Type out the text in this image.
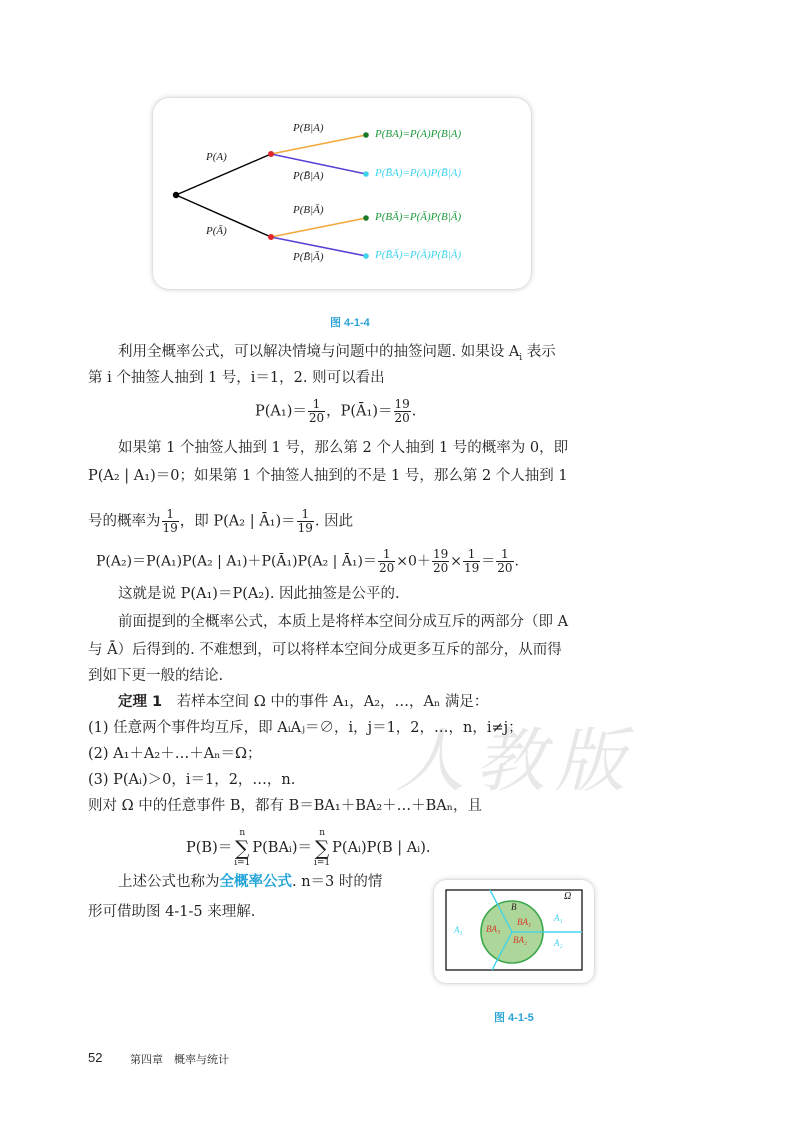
人教版
P(A)
P(Ā)
P(B|A)
P(B̄|A)
P(B|Ā)
P(B̄|Ā)
P(BA)=P(A)P(B|A)
P(B̄A)=P(A)P(B̄|A)
P(BĀ)=P(Ā)P(B|Ā)
P(B̄Ā)=P(Ā)P(B̄|Ā)
图 4-1-4
利用全概率公式，可以解决情境与问题中的抽签问题. 如果设 $A_i$ 表示
第 i 个抽签人抽到 1 号，i＝1，2. 则可以看出
$P(A_1)= \frac{1}{20}$ ，P(Ā₁)＝ $\frac{19}{20}$ .
如果第 1 个抽签人抽到 1 号，那么第 2 个人抽到 1 号的概率为 0，即
P(A₂ | A₁)＝0；如果第 1 个抽签人抽到的不是 1 号，那么第 2 个人抽到 1
号的概率为 $\frac{1}{19}$ ，即 P(A₂ | Ā₁)＝ $\frac{1}{19}$ . 因此
P(A₂)＝P(A₁)P(A₂ | A₁)＋P(Ā₁)P(A₂ | Ā₁)＝ $\frac{1}{20} \times 0+ \frac{19}{20} \times \frac{1}{19} = \frac{1}{20}$ .
这就是说 P(A₁)＝P(A₂). 因此抽签是公平的.
前面提到的全概率公式，本质上是将样本空间分成互斥的两部分（即 A
与 Ā）后得到的. 不难想到，可以将样本空间分成更多互斥的部分，从而得
到如下更一般的结论.
定理 1　若样本空间 Ω 中的事件 A₁，A₂，…，Aₙ 满足：
(1) 任意两个事件均互斥，即 AᵢAⱼ＝∅，i，j＝1，2，…，n，i≠j；
(2) A₁＋A₂＋…＋Aₙ＝Ω；
(3) P(Aᵢ)＞0，i＝1，2，…，n.
则对 Ω 中的任意事件 B，都有 B＝BA₁＋BA₂＋…＋BAₙ，且
P(B)＝n
∑
i=1P(BAᵢ)＝n
∑
i=1P(Aᵢ)P(B | Aᵢ).
上述公式也称为全概率公式. n＝3 时的情
形可借助图 4-1-5 来理解.
Ω
B
BA₁
BA₂
BA₃
A₁
A₂
A₃
图 4-1-5
52	第四章　概率与统计
